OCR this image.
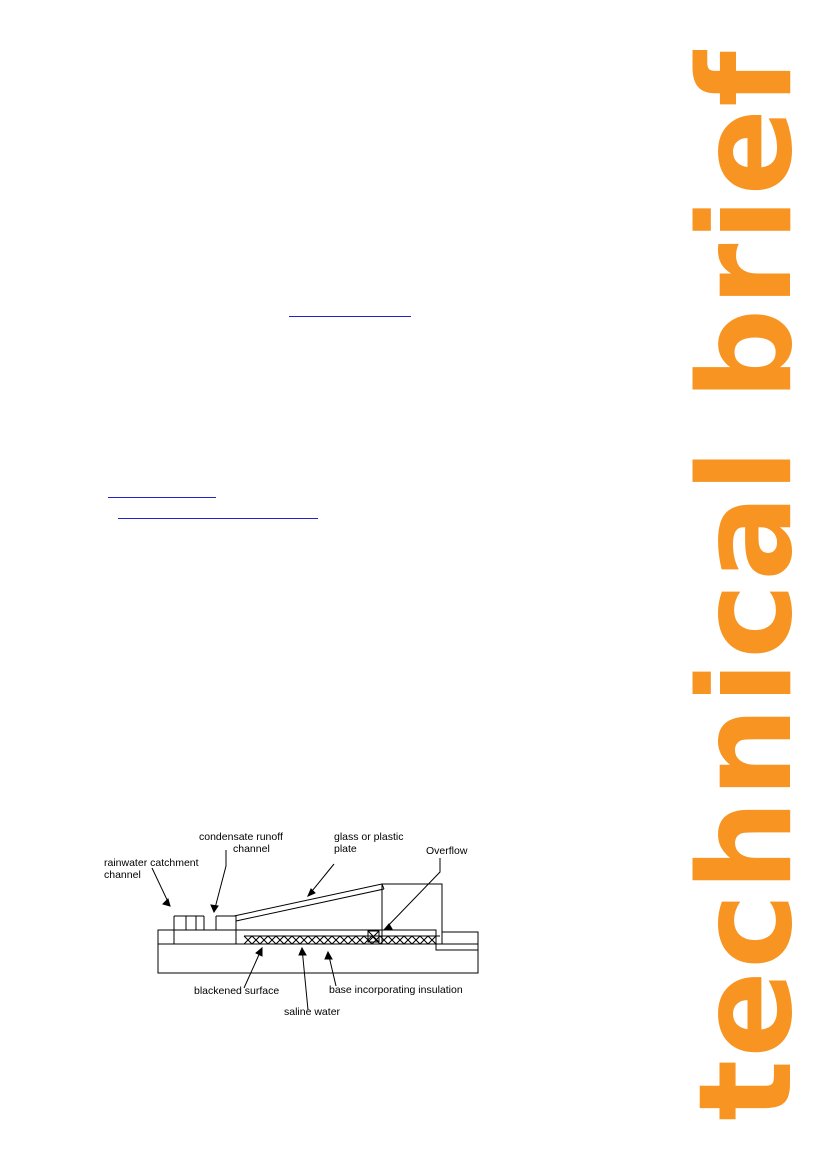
technical brief
condensate runoff
channel
glass or plastic
plate	Overflow
rainwater catchment
channel
blackened surface	base incorporating insulation
saline water
